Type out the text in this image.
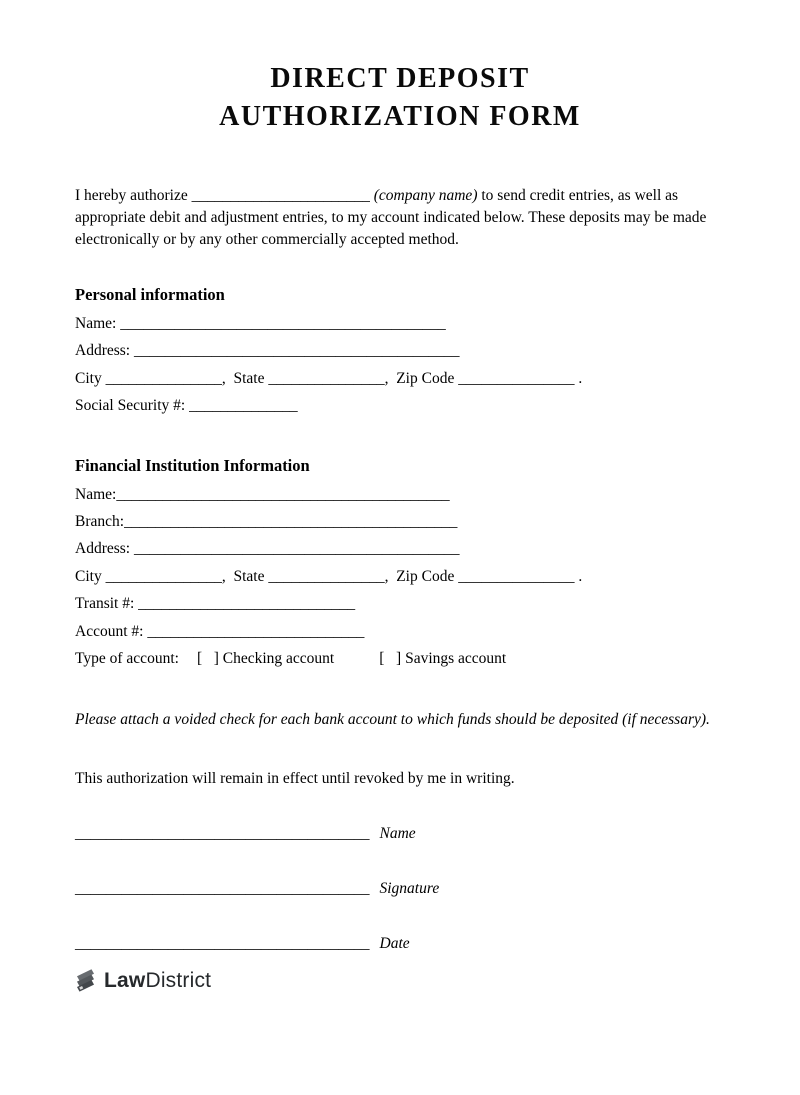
DIRECT DEPOSIT
AUTHORIZATION FORM

I hereby authorize _______________________ (company name) to send credit entries, as well as appropriate debit and adjustment entries, to my account indicated below. These deposits may be made electronically or by any other commercially accepted method.

Personal information

Name: __________________________________________

Address: __________________________________________

City _______________,  State _______________,  Zip Code _______________ .

Social Security #: ______________

Financial Institution Information

Name:___________________________________________

Branch:___________________________________________

Address: __________________________________________

City _______________,  State _______________,  Zip Code _______________ .

Transit #: ____________________________

Account #: ____________________________

Type of account: [   ] Checking account	[   ] Savings account

Please attach a voided check for each bank account to which funds should be deposited (if necessary).

This authorization will remain in effect until revoked by me in writing.

______________________________________ Name

______________________________________ Signature

______________________________________ Date

LawDistrict
